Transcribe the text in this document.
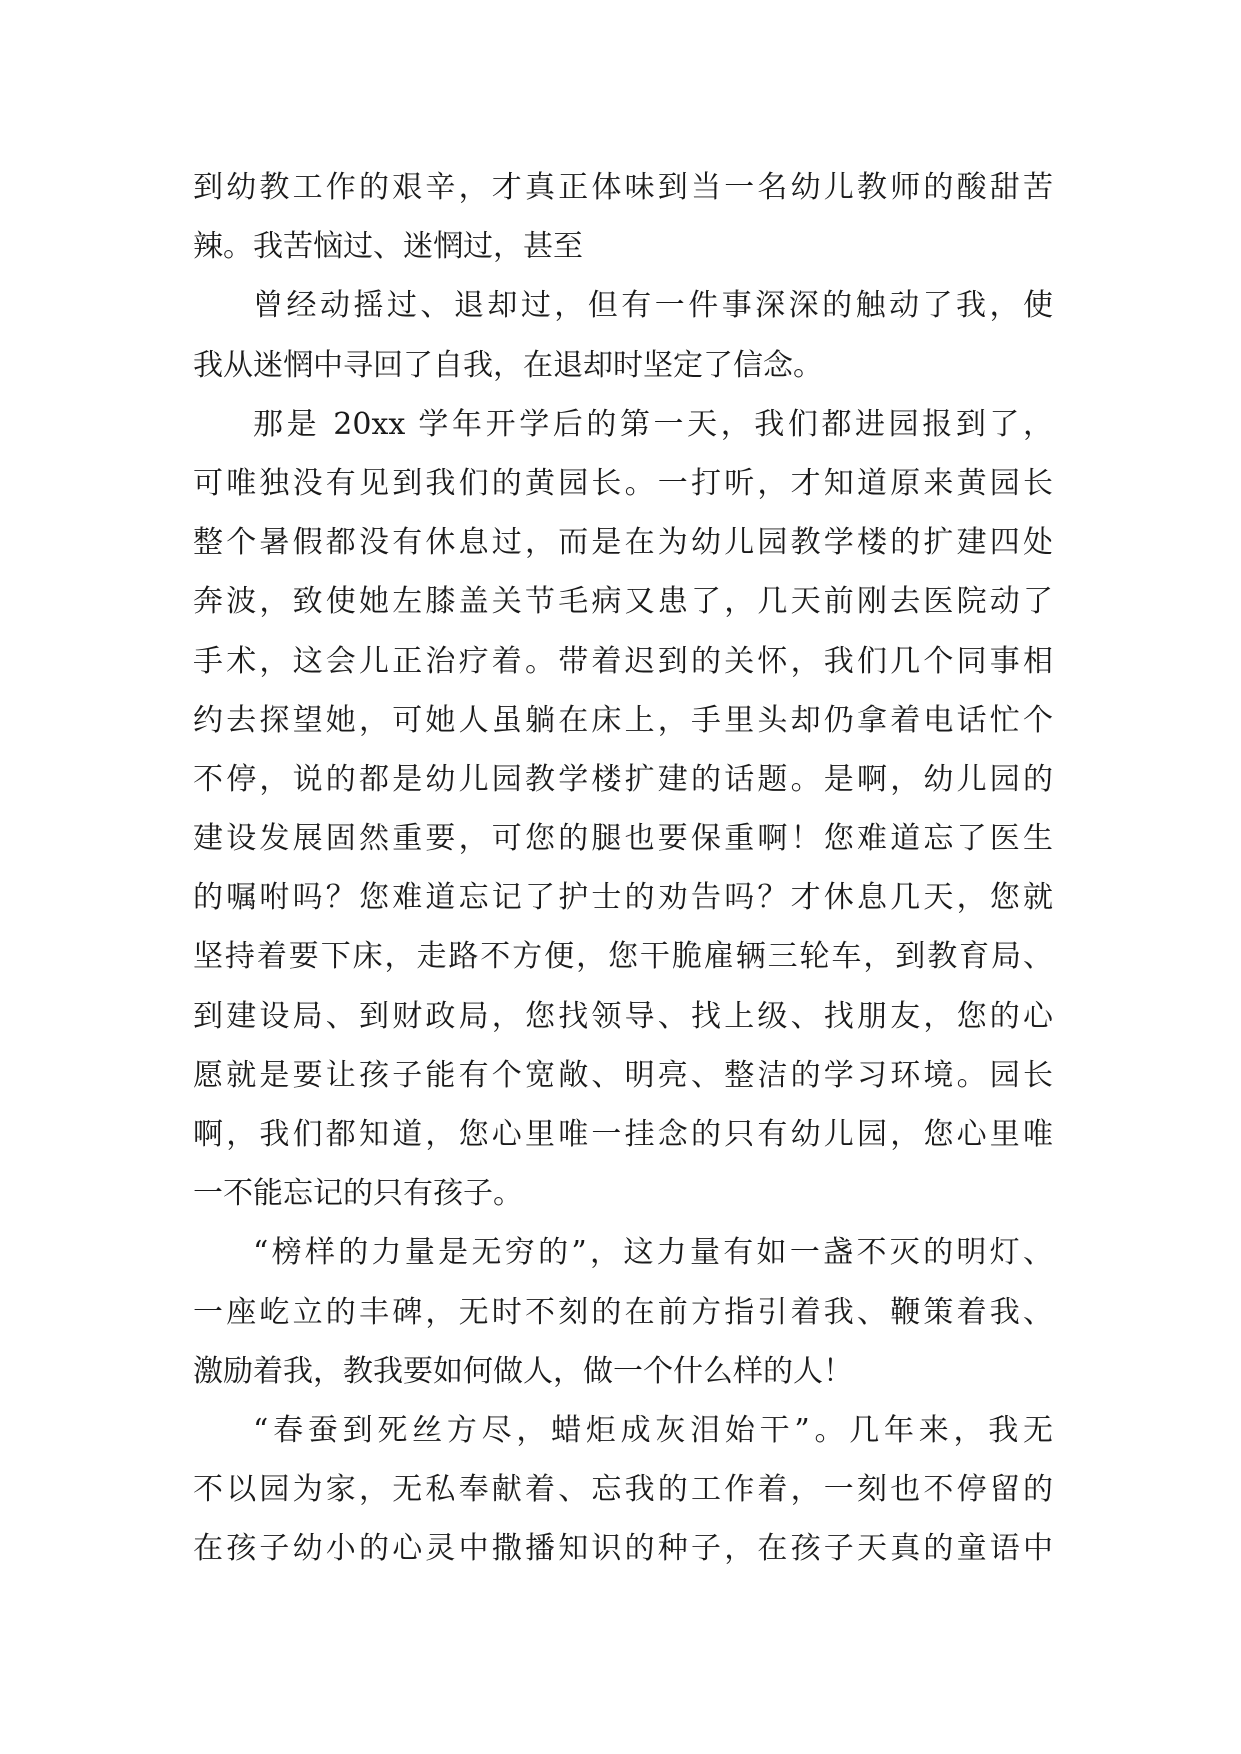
到幼教工作的艰辛，才真正体味到当一名幼儿教师的酸甜苦
辣。我苦恼过、迷惘过，甚至
曾经动摇过、退却过，但有一件事深深的触动了我，使
我从迷惘中寻回了自我，在退却时坚定了信念。
那是 20xx 学年开学后的第一天，我们都进园报到了，
可唯独没有见到我们的黄园长。一打听，才知道原来黄园长
整个暑假都没有休息过，而是在为幼儿园教学楼的扩建四处
奔波，致使她左膝盖关节毛病又患了，几天前刚去医院动了
手术，这会儿正治疗着。带着迟到的关怀，我们几个同事相
约去探望她，可她人虽躺在床上，手里头却仍拿着电话忙个
不停，说的都是幼儿园教学楼扩建的话题。是啊，幼儿园的
建设发展固然重要，可您的腿也要保重啊！您难道忘了医生
的嘱咐吗？您难道忘记了护士的劝告吗？才休息几天，您就
坚持着要下床，走路不方便，您干脆雇辆三轮车，到教育局、
到建设局、到财政局，您找领导、找上级、找朋友，您的心
愿就是要让孩子能有个宽敞、明亮、整洁的学习环境。园长
啊，我们都知道，您心里唯一挂念的只有幼儿园，您心里唯
一不能忘记的只有孩子。
“榜样的力量是无穷的”，这力量有如一盏不灭的明灯、
一座屹立的丰碑，无时不刻的在前方指引着我、鞭策着我、
激励着我，教我要如何做人，做一个什么样的人！
“春蚕到死丝方尽，蜡炬成灰泪始干”。几年来，我无
不以园为家，无私奉献着、忘我的工作着，一刻也不停留的
在孩子幼小的心灵中撒播知识的种子，在孩子天真的童语中
